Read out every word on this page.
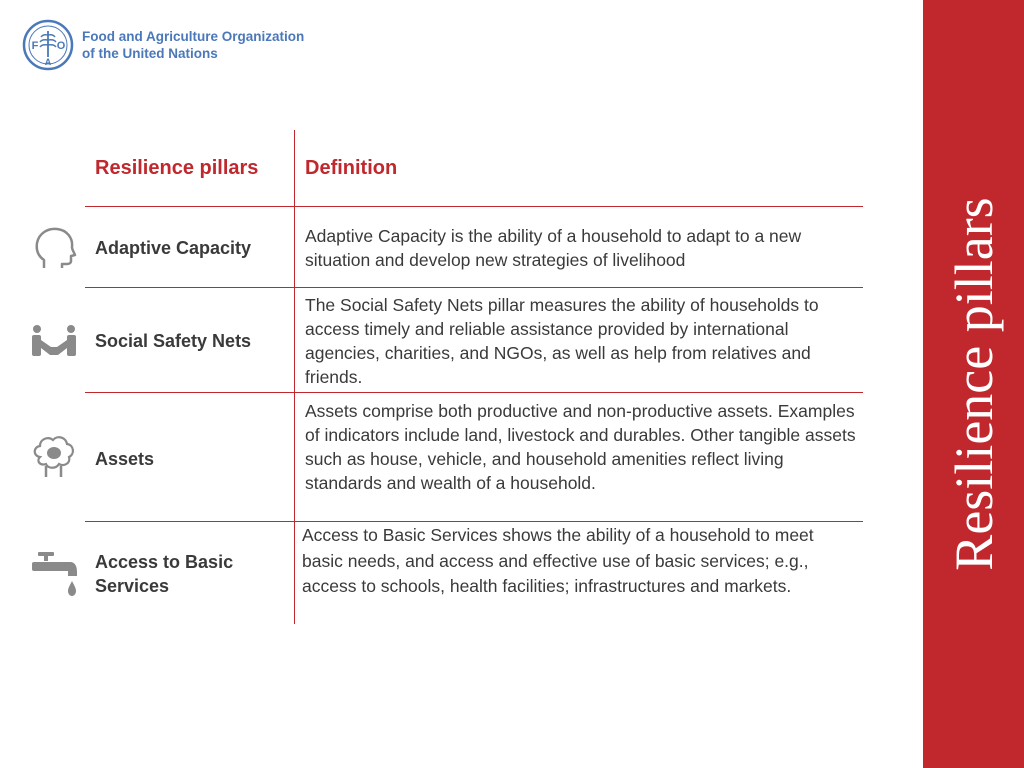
F
A
O
Food and Agriculture Organization
of the United Nations
Resilience pillars
Resilience pillars Definition
Adaptive Capacity
Adaptive Capacity is the ability of a household to adapt to a new situation and develop new strategies of livelihood
Social Safety Nets
The Social Safety Nets pillar measures the ability of households to access timely and reliable assistance provided by international agencies, charities, and NGOs, as well as help from relatives and friends.
Assets
Assets comprise both productive and non-productive assets. Examples of indicators include land, livestock and durables. Other tangible assets such as house, vehicle, and household amenities reflect living standards and wealth of a household.
Access to Basic Services
Access to Basic Services shows the ability of a household to meet basic needs, and access and effective use of basic services; e.g., access to schools, health facilities; infrastructures and markets.
